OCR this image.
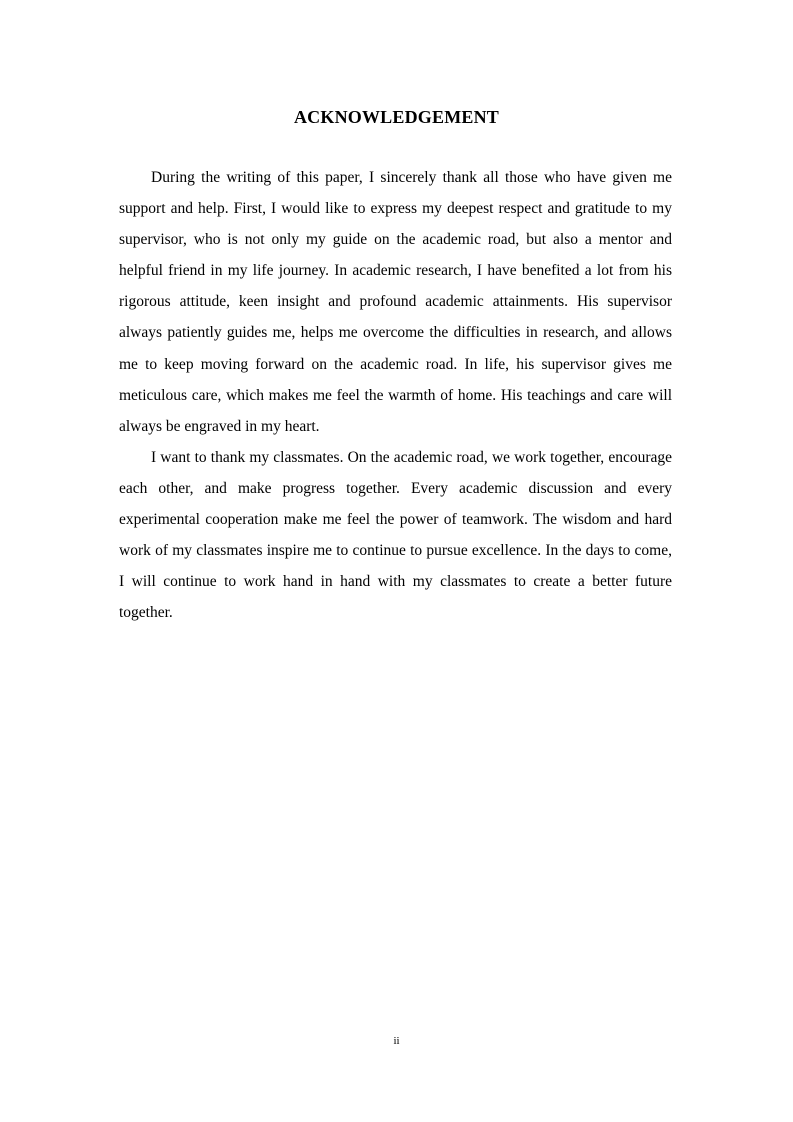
ACKNOWLEDGEMENT

During the writing of this paper, I sincerely thank all those who have given me support and help. First, I would like to express my deepest respect and gratitude to my supervisor, who is not only my guide on the academic road, but also a mentor and helpful friend in my life journey. In academic research, I have benefited a lot from his rigorous attitude, keen insight and profound academic attainments. His supervisor always patiently guides me, helps me overcome the difficulties in research, and allows me to keep moving forward on the academic road. In life, his supervisor gives me meticulous care, which makes me feel the warmth of home. His teachings and care will always be engraved in my heart.

I want to thank my classmates. On the academic road, we work together, encourage each other, and make progress together. Every academic discussion and every experimental cooperation make me feel the power of teamwork. The wisdom and hard work of my classmates inspire me to continue to pursue excellence. In the days to come, I will continue to work hand in hand with my classmates to create a better future together.

ii
